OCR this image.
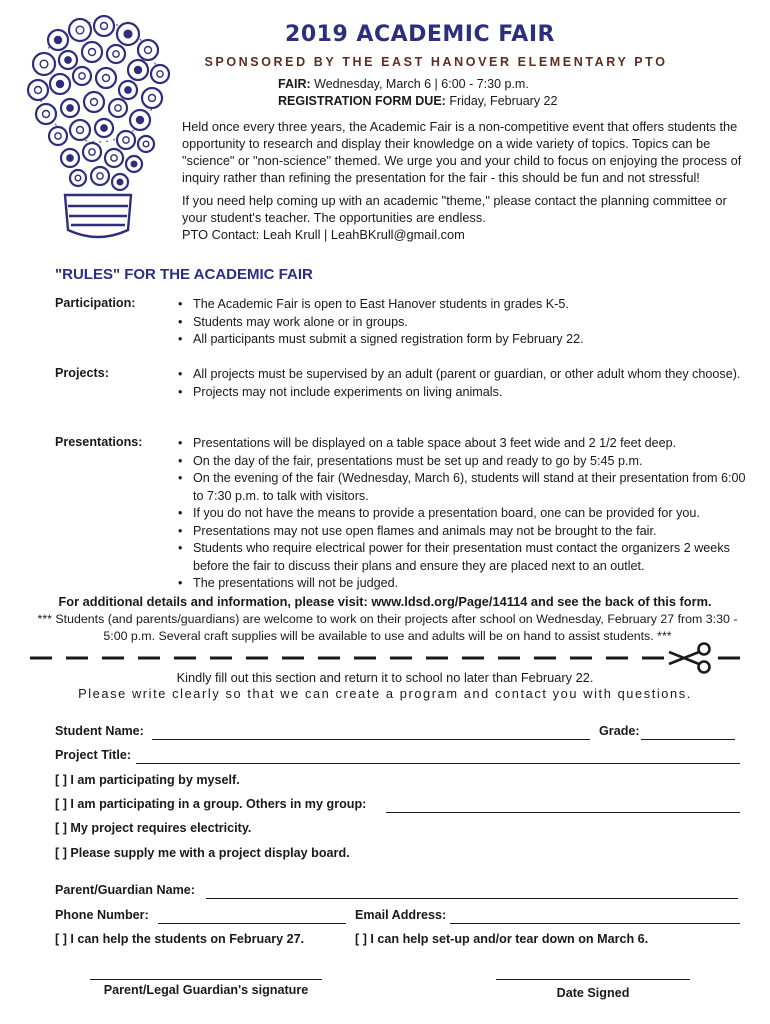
2019 ACADEMIC FAIR
SPONSORED BY THE EAST HANOVER ELEMENTARY PTO
FAIR: Wednesday, March 6 | 6:00 - 7:30 p.m.
REGISTRATION FORM DUE: Friday, February 22

Held once every three years, the Academic Fair is a non-competitive event that offers students the opportunity to research and display their knowledge on a wide variety of topics. Topics can be "science" or "non-science" themed. We urge you and your child to focus on enjoying the process of inquiry rather than refining the presentation for the fair - this should be fun and not stressful!

If you need help coming up with an academic "theme," please contact the planning committee or your student's teacher. The opportunities are endless.

PTO Contact: Leah Krull | LeahBKrull@gmail.com

"RULES" FOR THE ACADEMIC FAIR
Participation:	• The Academic Fair is open to East Hanover students in grades K-5.
• Students may work alone or in groups.
• All participants must submit a signed registration form by February 22.
Projects:	• All projects must be supervised by an adult (parent or guardian, or other adult whom they choose).
• Projects may not include experiments on living animals.
Presentations:	• Presentations will be displayed on a table space about 3 feet wide and 2 1/2 feet deep.
• On the day of the fair, presentations must be set up and ready to go by 5:45 p.m.
• On the evening of the fair (Wednesday, March 6), students will stand at their presentation from 6:00 to 7:30 p.m. to talk with visitors.
• If you do not have the means to provide a presentation board, one can be provided for you.
• Presentations may not use open flames and animals may not be brought to the fair.
• Students who require electrical power for their presentation must contact the organizers 2 weeks before the fair to discuss their plans and ensure they are placed next to an outlet.
• The presentations will not be judged.
For additional details and information, please visit: www.ldsd.org/Page/14114 and see the back of this form.
*** Students (and parents/guardians) are welcome to work on their projects after school on Wednesday, February 27 from 3:30 - 5:00 p.m. Several craft supplies will be available to use and adults will be on hand to assist students. ***
Kindly fill out this section and return it to school no later than February 22.
Please write clearly so that we can create a program and contact you with questions.
Student Name:	Grade:
Project Title:
[ ] I am participating by myself.
[ ] I am participating in a group. Others in my group:
[ ] My project requires electricity.
[ ] Please supply me with a project display board.
Parent/Guardian Name:
Phone Number:	Email Address:
[ ] I can help the students on February 27.	[ ] I can help set-up and/or tear down on March 6.
Parent/Legal Guardian's signature	Date Signed
